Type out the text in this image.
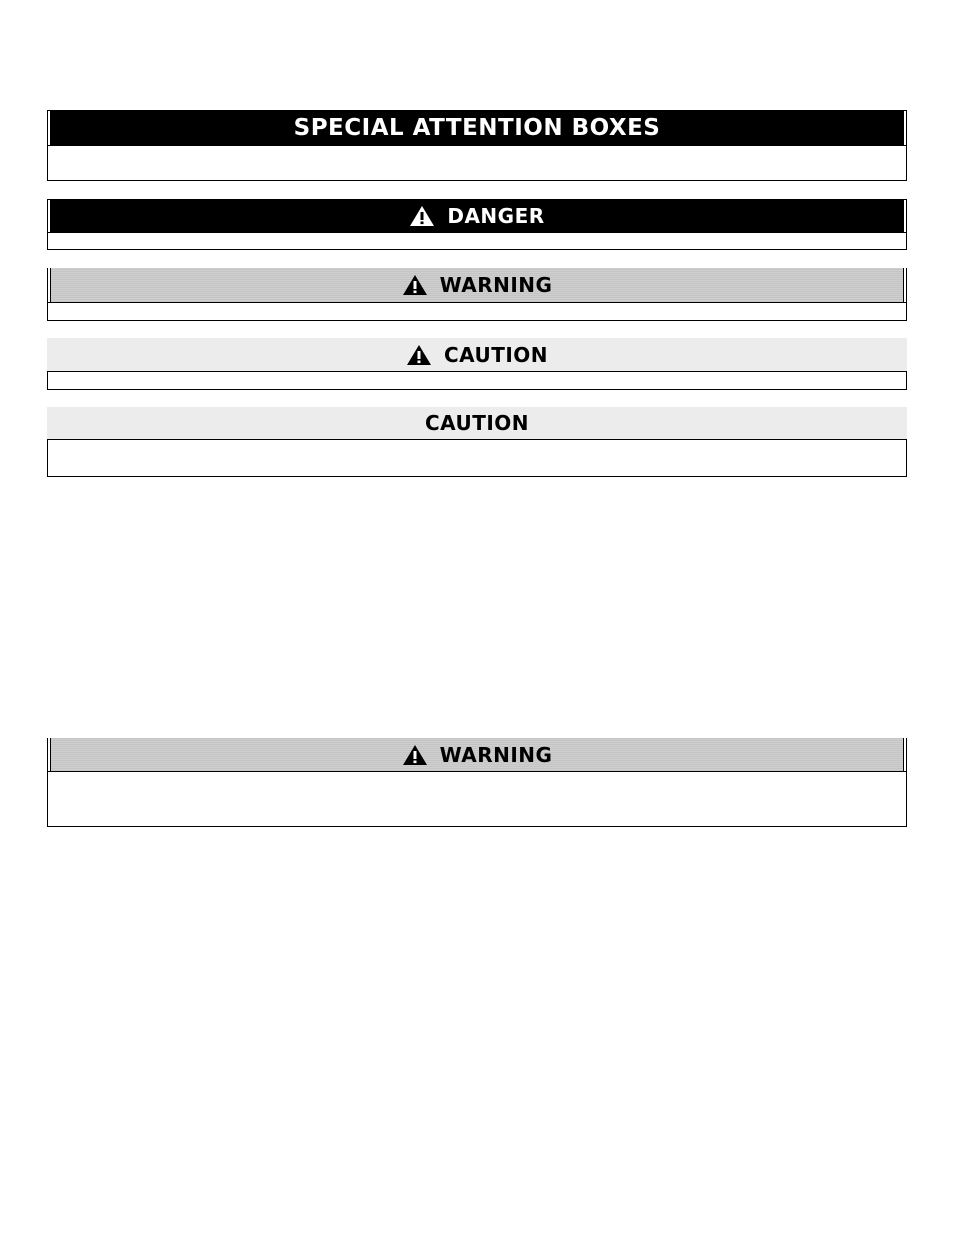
SPECIAL ATTENTION BOXES
DANGER
WARNING
CAUTION
CAUTION
WARNING
